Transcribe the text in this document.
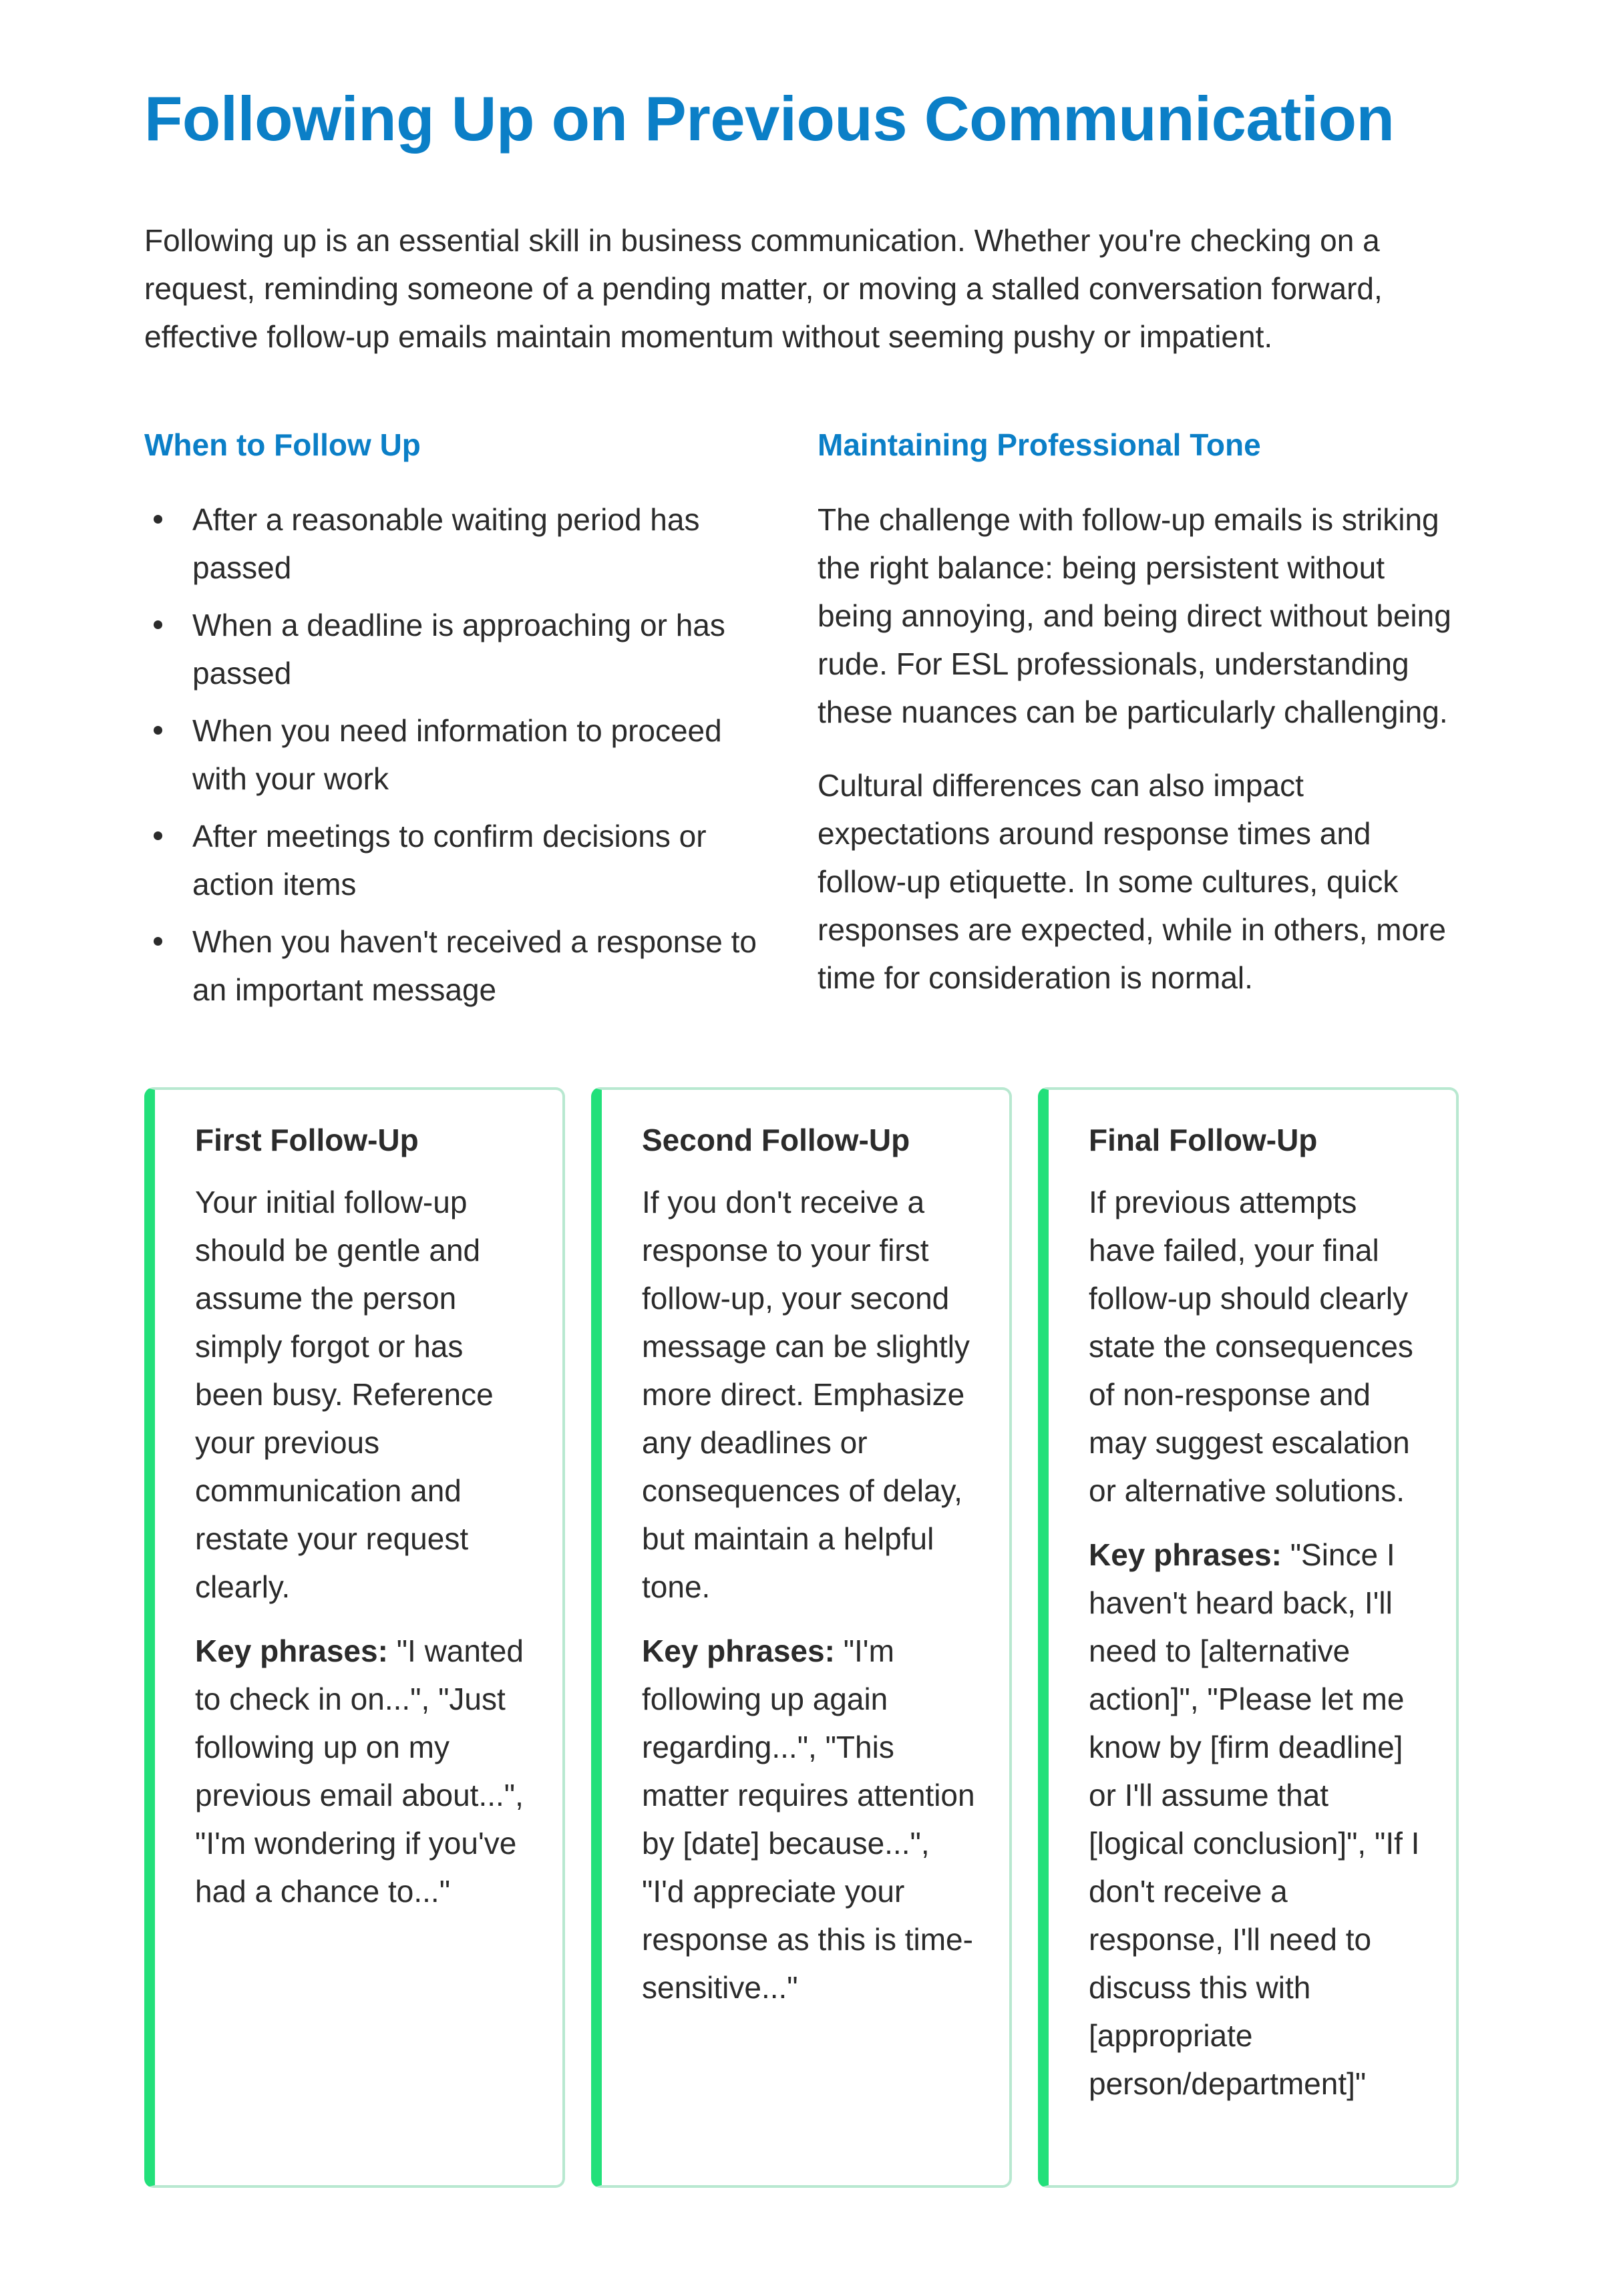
Following Up on Previous Communication

Following up is an essential skill in business communication. Whether you're checking on a request, reminding someone of a pending matter, or moving a stalled conversation forward, effective follow-up emails maintain momentum without seeming pushy or impatient.

When to Follow Up
After a reasonable waiting period has passed
When a deadline is approaching or has passed
When you need information to proceed with your work
After meetings to confirm decisions or action items
When you haven't received a response to an important message
Maintaining Professional Tone

The challenge with follow-up emails is striking the right balance: being persistent without being annoying, and being direct without being rude. For ESL professionals, understanding these nuances can be particularly challenging.

Cultural differences can also impact expectations around response times and follow-up etiquette. In some cultures, quick responses are expected, while in others, more time for consideration is normal.

First Follow-Up

Your initial follow-up should be gentle and assume the person simply forgot or has been busy. Reference your previous communication and restate your request clearly.

Key phrases: "I wanted to check in on...", "Just following up on my previous email about...", "I'm wondering if you've had a chance to..."

Second Follow-Up

If you don't receive a response to your first follow-up, your second message can be slightly more direct. Emphasize any deadlines or consequences of delay, but maintain a helpful tone.

Key phrases: "I'm following up again regarding...", "This matter requires attention by [date] because...", "I'd appreciate your response as this is time-sensitive..."

Final Follow-Up

If previous attempts have failed, your final follow-up should clearly state the consequences of non-response and may suggest escalation or alternative solutions.

Key phrases: "Since I haven't heard back, I'll need to [alternative action]", "Please let me know by [firm deadline] or I'll assume that [logical conclusion]", "If I don't receive a response, I'll need to discuss this with [appropriate person/department]"
